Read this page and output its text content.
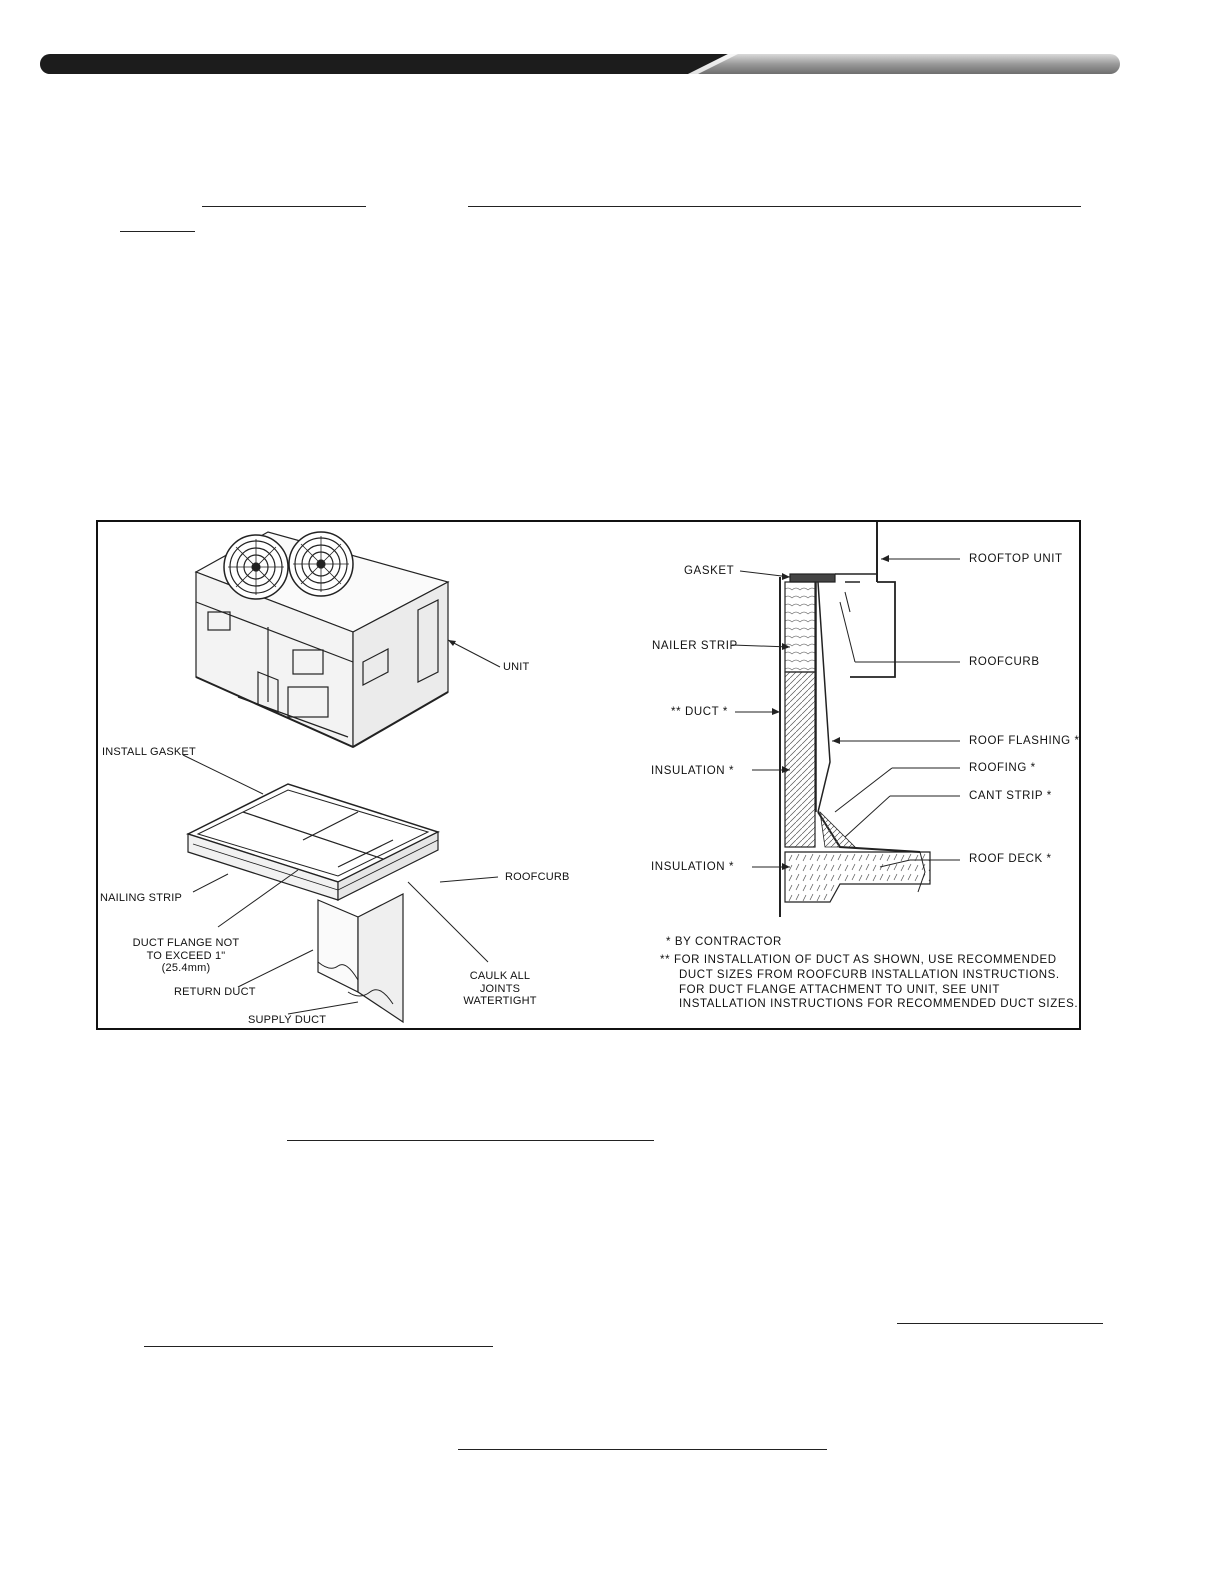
UNIT
INSTALL GASKET
ROOFCURB
NAILING STRIP
DUCT FLANGE NOT
TO EXCEED 1"
(25.4mm)
CAULK ALL
JOINTS
WATERTIGHT
RETURN DUCT
SUPPLY DUCT
GASKET
ROOFTOP UNIT
NAILER STRIP
ROOFCURB
** DUCT *
ROOF FLASHING *
INSULATION *	ROOFING *
CANT STRIP *
ROOF DECK *
INSULATION *
* BY CONTRACTOR
** FOR INSTALLATION OF DUCT AS SHOWN, USE RECOMMENDED
DUCT SIZES FROM ROOFCURB INSTALLATION INSTRUCTIONS.
FOR DUCT FLANGE ATTACHMENT TO UNIT, SEE UNIT
INSTALLATION INSTRUCTIONS FOR RECOMMENDED DUCT SIZES.
